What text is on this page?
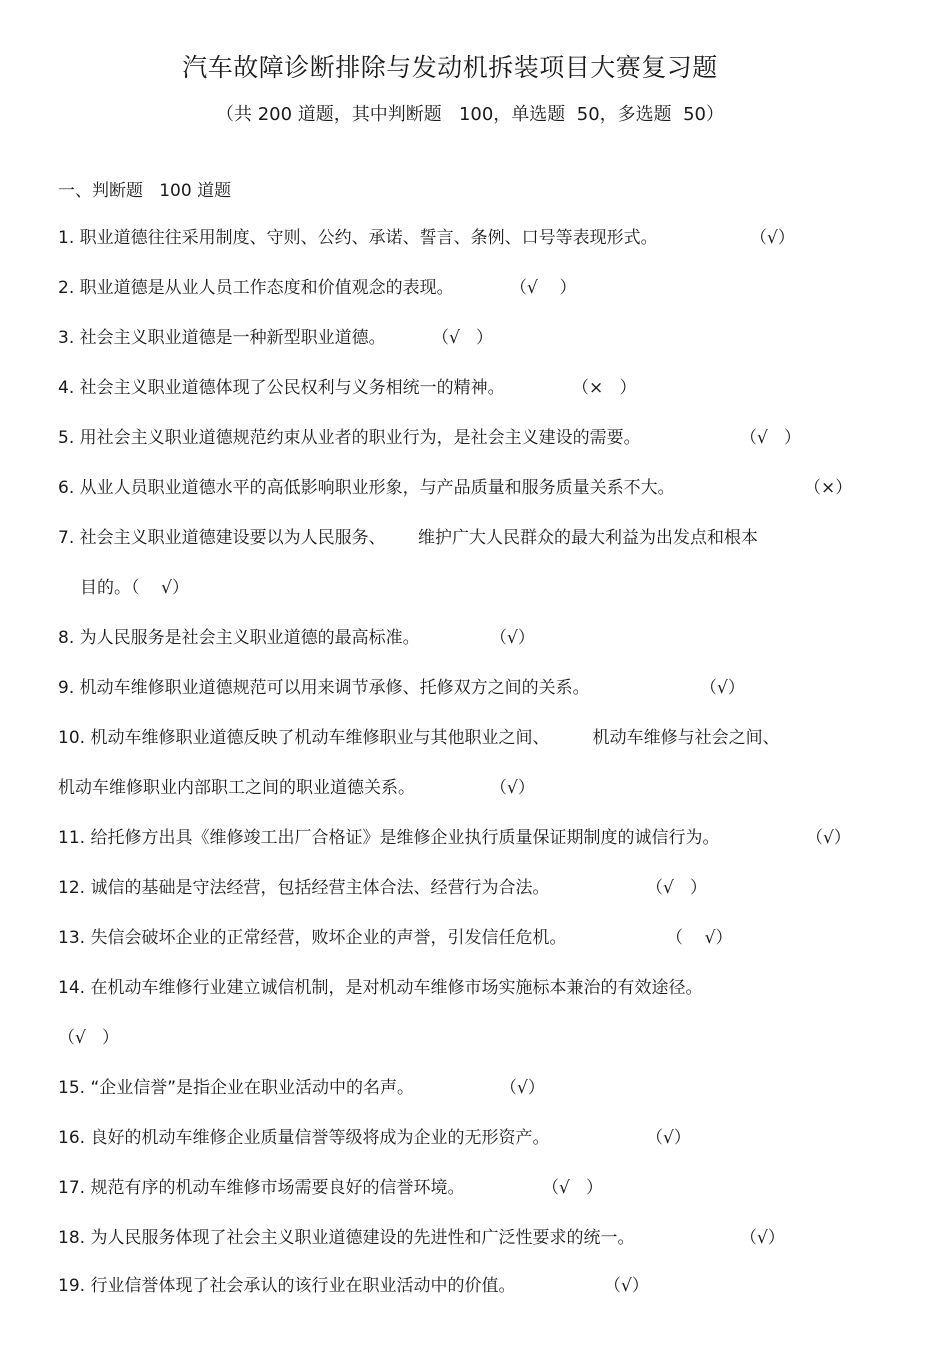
汽车故障诊断排除与发动机拆装项目大赛复习题
（共 200 道题，其中判断题   100，单选题  50，多选题  50）
一、判断题   100 道题
1. 职业道德往往采用制度、守则、公约、承诺、誓言、条例、口号等表现形式。	（√）
2. 职业道德是从业人员工作态度和价值观念的表现。	（√    ）
3. 社会主义职业道德是一种新型职业道德。	（√   ）
4. 社会主义职业道德体现了公民权利与义务相统一的精神。	（×   ）
5. 用社会主义职业道德规范约束从业者的职业行为，是社会主义建设的需要。	（√   ）
6. 从业人员职业道德水平的高低影响职业形象，与产品质量和服务质量关系不大。	（×）
7. 社会主义职业道德建设要以为人民服务、      维护广大人民群众的最大利益为出发点和根本
目的。（    √）
8. 为人民服务是社会主义职业道德的最高标准。	（√）
9. 机动车维修职业道德规范可以用来调节承修、托修双方之间的关系。	（√）
10. 机动车维修职业道德反映了机动车维修职业与其他职业之间、        机动车维修与社会之间、
机动车维修职业内部职工之间的职业道德关系。	（√）
11. 给托修方出具《维修竣工出厂合格证》是维修企业执行质量保证期制度的诚信行为。	（√）
12. 诚信的基础是守法经营，包括经营主体合法、经营行为合法。	（√   ）
13. 失信会破坏企业的正常经营，败坏企业的声誉，引发信任危机。	（    √）
14. 在机动车维修行业建立诚信机制，是对机动车维修市场实施标本兼治的有效途径。
（√   ）
15. “企业信誉”是指企业在职业活动中的名声。	（√）
16. 良好的机动车维修企业质量信誉等级将成为企业的无形资产。	（√）
17. 规范有序的机动车维修市场需要良好的信誉环境。	（√   ）
18. 为人民服务体现了社会主义职业道德建设的先进性和广泛性要求的统一。	（√）
19. 行业信誉体现了社会承认的该行业在职业活动中的价值。	（√）
